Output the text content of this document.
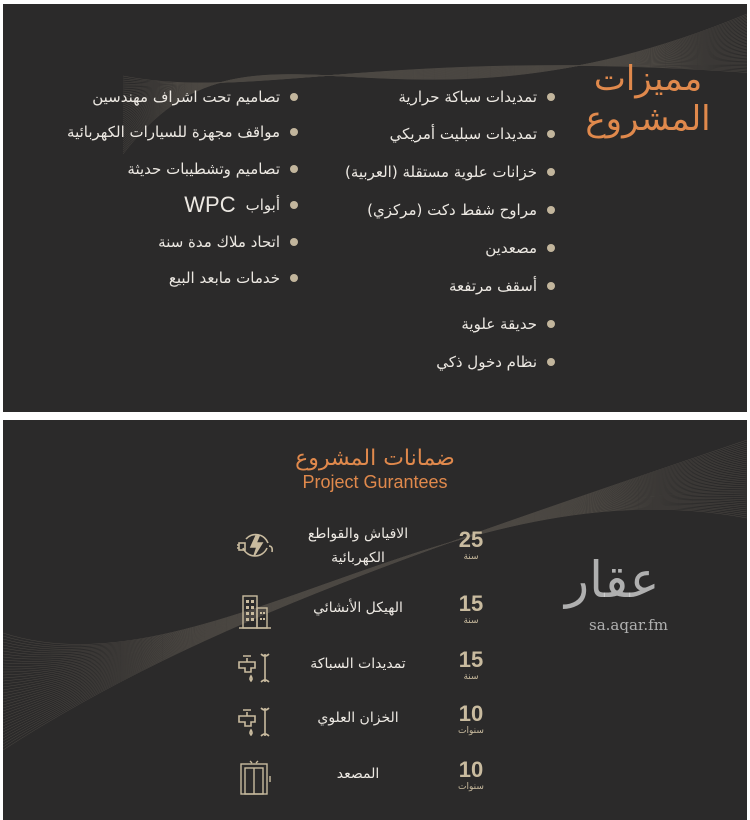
مميزات
المشروع
تمديدات سباكة حرارية
تمديدات سبليت أمريكي
خزانات علوية مستقلة (العربية)
مراوح شفط دكت (مركزي)
مصعدين
أسقف مرتفعة
حديقة علوية
نظام دخول ذكي
تصاميم تحت اشراف مهندسين
مواقف مجهزة للسيارات الكهربائية
تصاميم وتشطيبات حديثة
أبواب
WPC
اتحاد ملاك مدة سنة
خدمات مابعد البيع
ضمانات المشروع
Project Gurantees
25
سنة
الافياش والقواطع الكهربائية
15
سنة
الهيكل الأنشائي
15
سنة
تمديدات السباكة
10
سنوات
الخزان العلوي
10
سنوات
المصعد
عقار
sa.aqar.fm
